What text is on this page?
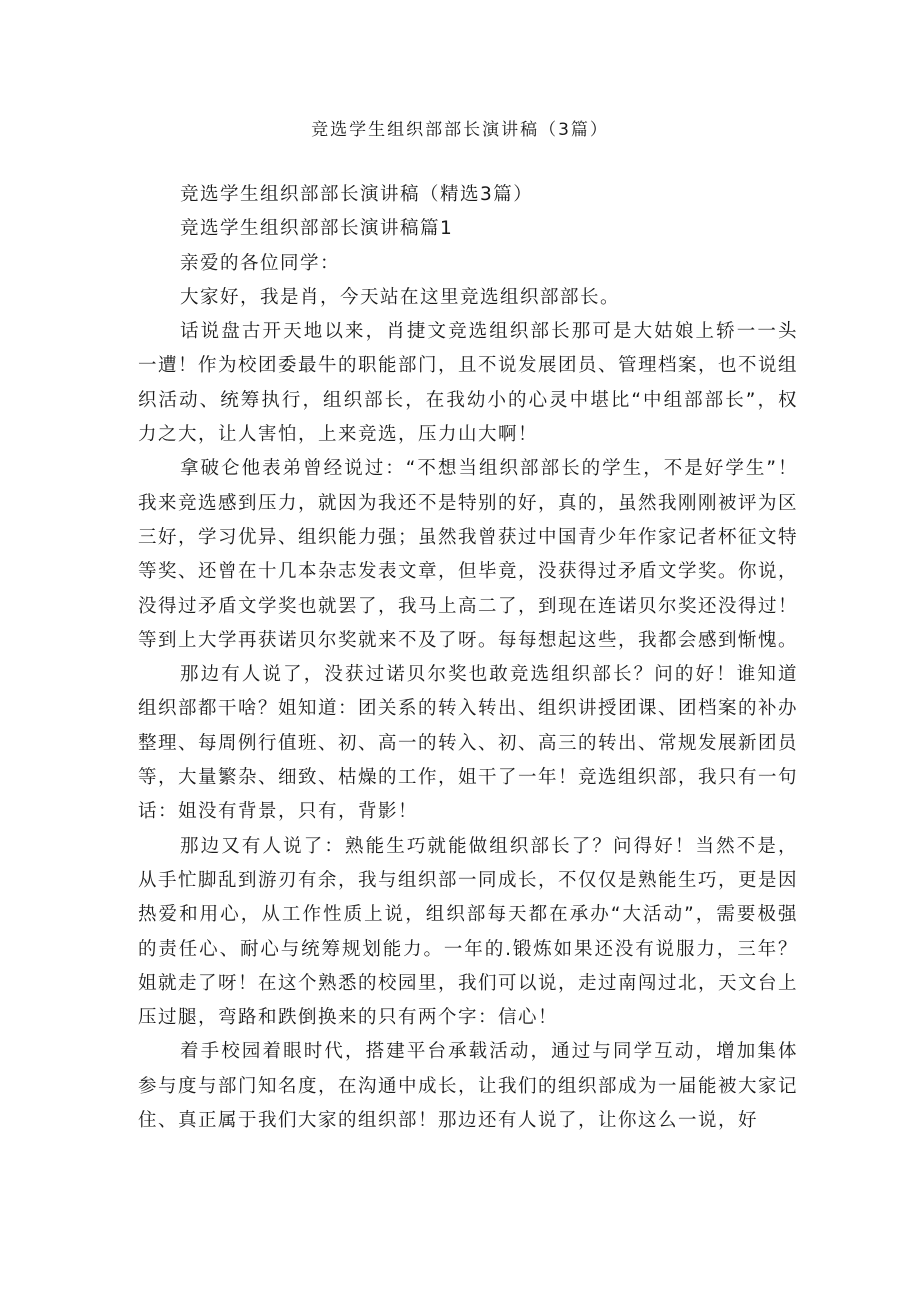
竞选学生组织部部长演讲稿（3篇）

竞选学生组织部部长演讲稿（精选3篇）

竞选学生组织部部长演讲稿篇1

亲爱的各位同学：

大家好，我是肖，今天站在这里竞选组织部部长。

话说盘古开天地以来，肖捷文竞选组织部长那可是大姑娘上轿一一头一遭！作为校团委最牛的职能部门，且不说发展团员、管理档案，也不说组织活动、统筹执行，组织部长，在我幼小的心灵中堪比“中组部部长”，权力之大，让人害怕，上来竞选，压力山大啊！

拿破仑他表弟曾经说过：“不想当组织部部长的学生，不是好学生”！我来竞选感到压力，就因为我还不是特别的好，真的，虽然我刚刚被评为区三好，学习优异、组织能力强；虽然我曾获过中国青少年作家记者杯征文特等奖、还曾在十几本杂志发表文章，但毕竟，没获得过矛盾文学奖。你说，没得过矛盾文学奖也就罢了，我马上高二了，到现在连诺贝尔奖还没得过！等到上大学再获诺贝尔奖就来不及了呀。每每想起这些，我都会感到惭愧。

那边有人说了，没获过诺贝尔奖也敢竞选组织部长？问的好！谁知道组织部都干啥？姐知道：团关系的转入转出、组织讲授团课、团档案的补办整理、每周例行值班、初、高一的转入、初、高三的转出、常规发展新团员等，大量繁杂、细致、枯燥的工作，姐干了一年！竞选组织部，我只有一句话：姐没有背景，只有，背影！

那边又有人说了：熟能生巧就能做组织部长了？问得好！当然不是，从手忙脚乱到游刃有余，我与组织部一同成长，不仅仅是熟能生巧，更是因热爱和用心，从工作性质上说，组织部每天都在承办“大活动”，需要极强的责任心、耐心与统筹规划能力。一年的.锻炼如果还没有说服力，三年？姐就走了呀！在这个熟悉的校园里，我们可以说，走过南闯过北，天文台上压过腿，弯路和跌倒换来的只有两个字：信心！

着手校园着眼时代，搭建平台承载活动，通过与同学互动，增加集体参与度与部门知名度，在沟通中成长，让我们的组织部成为一届能被大家记住、真正属于我们大家的组织部！那边还有人说了，让你这么一说，好
